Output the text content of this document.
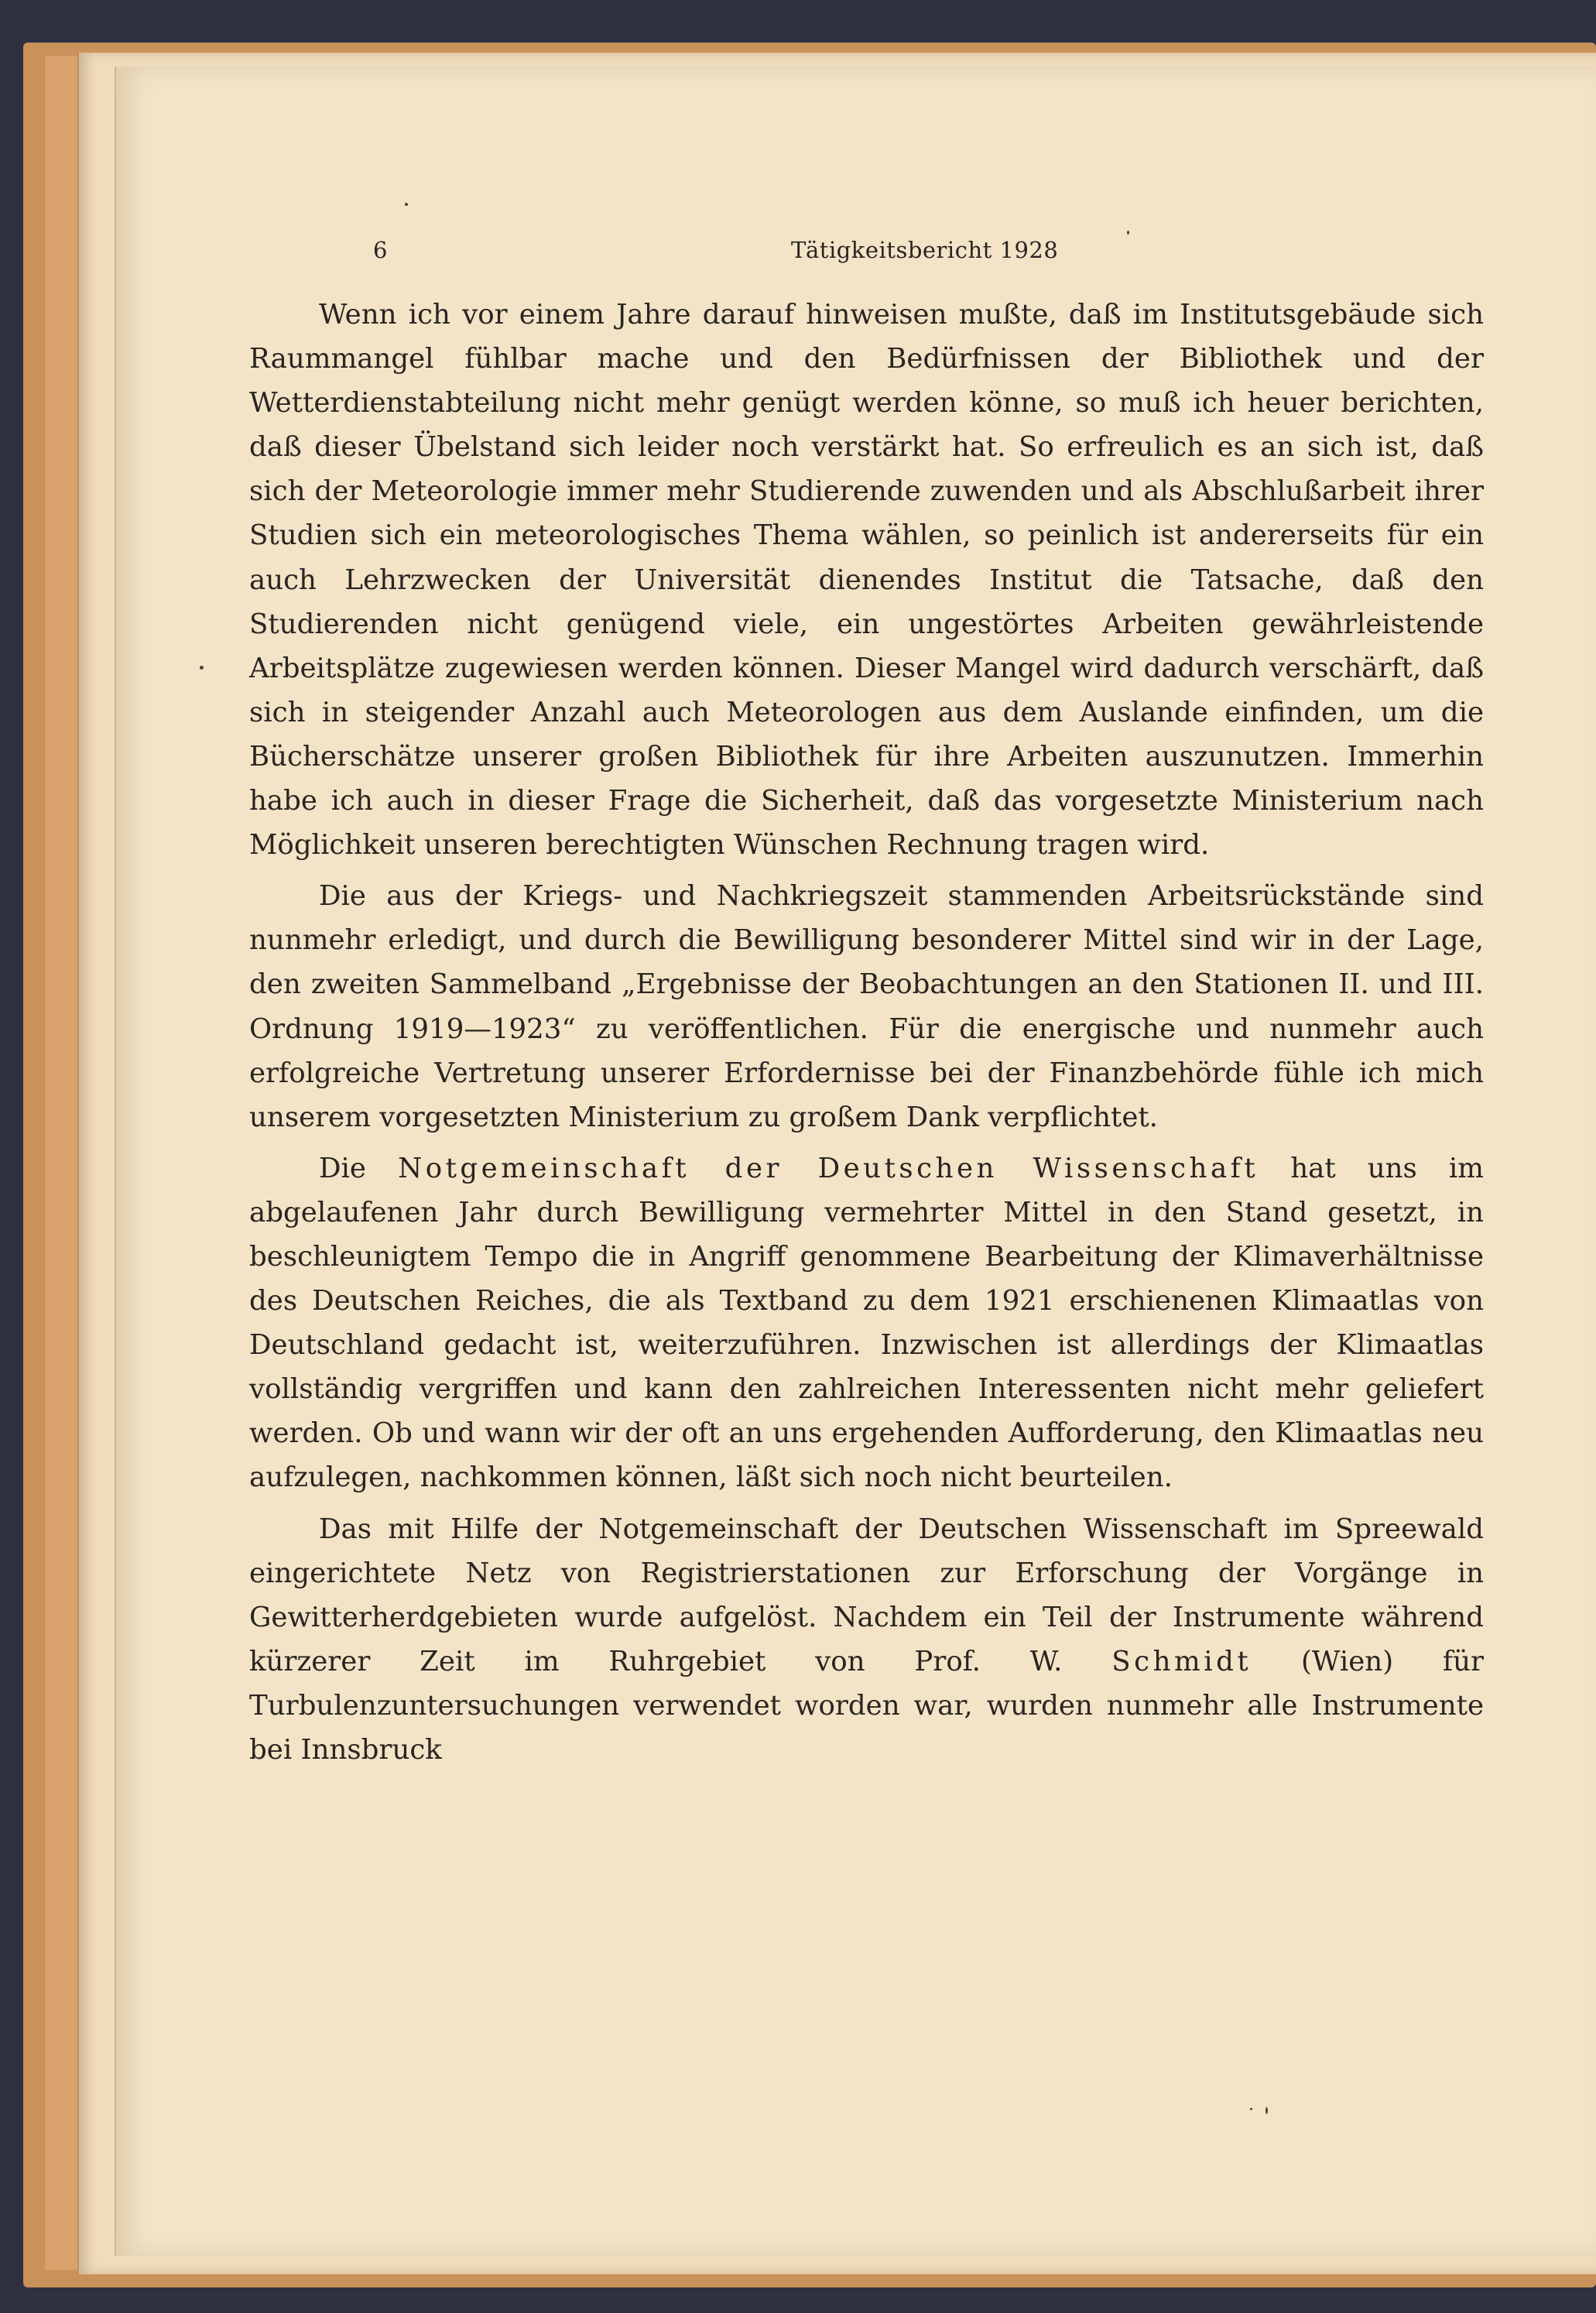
6	Tätigkeitsbericht 1928

Wenn ich vor einem Jahre darauf hinweisen mußte, daß im Institutsgebäude sich Raummangel fühlbar mache und den Bedürfnissen der Bibliothek und der Wetterdienstabteilung nicht mehr genügt werden könne, so muß ich heuer berichten, daß dieser Übelstand sich leider noch verstärkt hat. So erfreulich es an sich ist, daß sich der Meteorologie immer mehr Studierende zuwenden und als Abschlußarbeit ihrer Studien sich ein meteorologisches Thema wählen, so peinlich ist andererseits für ein auch Lehrzwecken der Universität dienendes Institut die Tatsache, daß den Studierenden nicht genügend viele, ein ungestörtes Arbeiten gewährleistende Arbeitsplätze zugewiesen werden können. Dieser Mangel wird dadurch verschärft, daß sich in steigender Anzahl auch Meteorologen aus dem Auslande einfinden, um die Bücherschätze unserer großen Bibliothek für ihre Arbeiten auszunutzen. Immerhin habe ich auch in dieser Frage die Sicherheit, daß das vorgesetzte Ministerium nach Möglichkeit unseren berechtigten Wünschen Rechnung tragen wird.

Die aus der Kriegs- und Nachkriegszeit stammenden Arbeitsrückstände sind nunmehr erledigt, und durch die Bewilligung besonderer Mittel sind wir in der Lage, den zweiten Sammelband „Ergebnisse der Beobachtungen an den Stationen II. und III. Ordnung 1919—1923“ zu veröffentlichen. Für die energische und nunmehr auch erfolgreiche Vertretung unserer Erfordernisse bei der Finanzbehörde fühle ich mich unserem vorgesetzten Ministerium zu großem Dank verpflichtet.

Die Notgemeinschaft der Deutschen Wissenschaft hat uns im abgelaufenen Jahr durch Bewilligung vermehrter Mittel in den Stand gesetzt, in beschleunigtem Tempo die in Angriff genommene Bearbeitung der Klimaverhältnisse des Deutschen Reiches, die als Textband zu dem 1921 erschienenen Klimaatlas von Deutschland gedacht ist, weiterzuführen. Inzwischen ist allerdings der Klimaatlas vollständig vergriffen und kann den zahlreichen Interessenten nicht mehr geliefert werden. Ob und wann wir der oft an uns ergehenden Aufforderung, den Klimaatlas neu aufzulegen, nachkommen können, läßt sich noch nicht beurteilen.

Das mit Hilfe der Notgemeinschaft der Deutschen Wissenschaft im Spreewald eingerichtete Netz von Registrierstationen zur Erforschung der Vorgänge in Gewitterherdgebieten wurde aufgelöst. Nachdem ein Teil der Instrumente während kürzerer Zeit im Ruhrgebiet von Prof. W. Schmidt (Wien) für Turbulenzuntersuchungen verwendet worden war, wurden nunmehr alle Instrumente bei Innsbruck
